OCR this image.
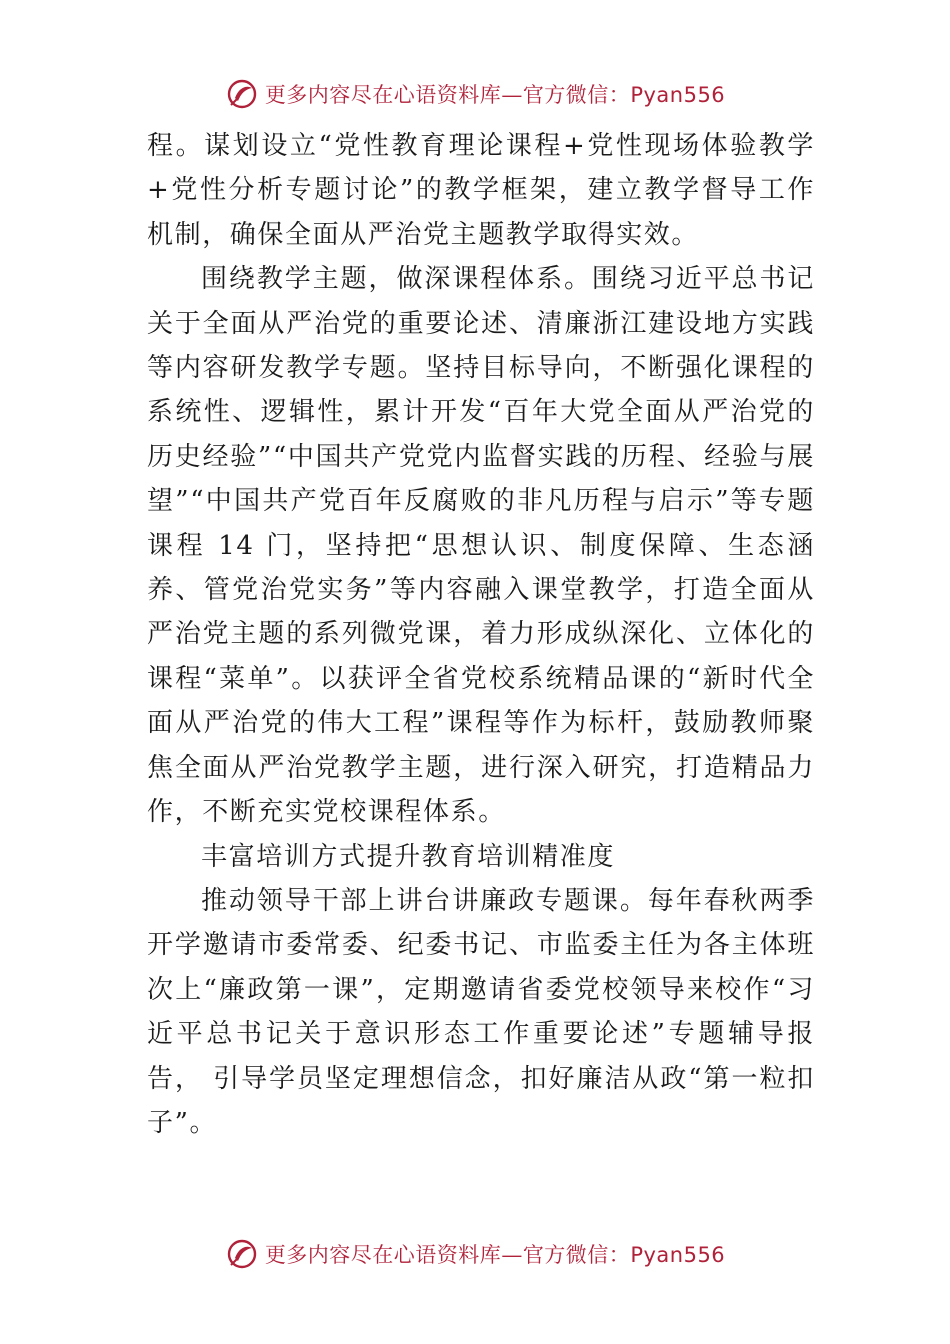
更多内容尽在心语资料库—官方微信：Pyan556

程。谋划设立“党性教育理论课程+党性现场体验教学+党性分析专题讨论”的教学框架，建立教学督导工作机制，确保全面从严治党主题教学取得实效。

围绕教学主题，做深课程体系。围绕习近平总书记关于全面从严治党的重要论述、清廉浙江建设地方实践等内容研发教学专题。坚持目标导向，不断强化课程的系统性、逻辑性，累计开发“百年大党全面从严治党的历史经验”“中国共产党党内监督实践的历程、经验与展望”“中国共产党百年反腐败的非凡历程与启示”等专题课程 14 门，坚持把“思想认识、制度保障、生态涵养、管党治党实务”等内容融入课堂教学，打造全面从严治党主题的系列微党课，着力形成纵深化、立体化的课程“菜单”。以获评全省党校系统精品课的“新时代全面从严治党的伟大工程”课程等作为标杆，鼓励教师聚焦全面从严治党教学主题，进行深入研究，打造精品力作，不断充实党校课程体系。

丰富培训方式提升教育培训精准度

推动领导干部上讲台讲廉政专题课。每年春秋两季开学邀请市委常委、纪委书记、市监委主任为各主体班次上“廉政第一课”，定期邀请省委党校领导来校作“习近平总书记关于意识形态工作重要论述”专题辅导报告， 引导学员坚定理想信念，扣好廉洁从政“第一粒扣子”。

更多内容尽在心语资料库—官方微信：Pyan556
